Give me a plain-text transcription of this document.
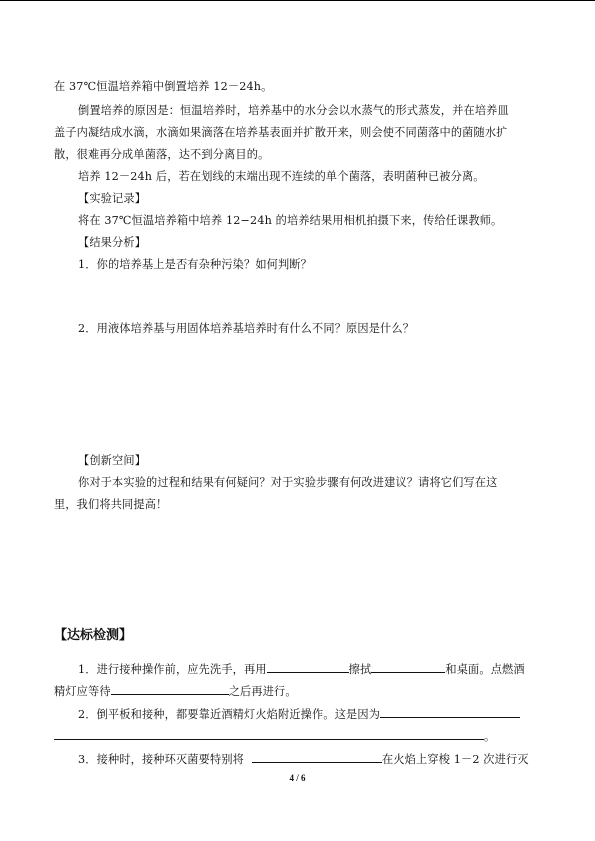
在 37℃恒温培养箱中倒置培养 12－24h。
倒置培养的原因是：恒温培养时，培养基中的水分会以水蒸气的形式蒸发，并在培养皿
盖子内凝结成水滴，水滴如果滴落在培养基表面并扩散开来，则会使不同菌落中的菌随水扩
散，很难再分成单菌落，达不到分离目的。
培养 12－24h 后，若在划线的末端出现不连续的单个菌落，表明菌种已被分离。
【实验记录】
将在 37℃恒温培养箱中培养 12−24h 的培养结果用相机拍摄下来，传给任课教师。
【结果分析】
1．你的培养基上是否有杂种污染？如何判断？
2．用液体培养基与用固体培养基培养时有什么不同？原因是什么？
【创新空间】
你对于本实验的过程和结果有何疑问？对于实验步骤有何改进建议？请将它们写在这
里，我们将共同提高！
【达标检测】
1．进行接种操作前，应先洗手，再用	擦拭	和桌面。点燃酒
精灯应等待	之后再进行。
2．倒平板和接种，都要靠近酒精灯火焰附近操作。这是因为
。
3．接种时，接种环灭菌要特别将	在火焰上穿梭 1－2 次进行灭
4 / 6
